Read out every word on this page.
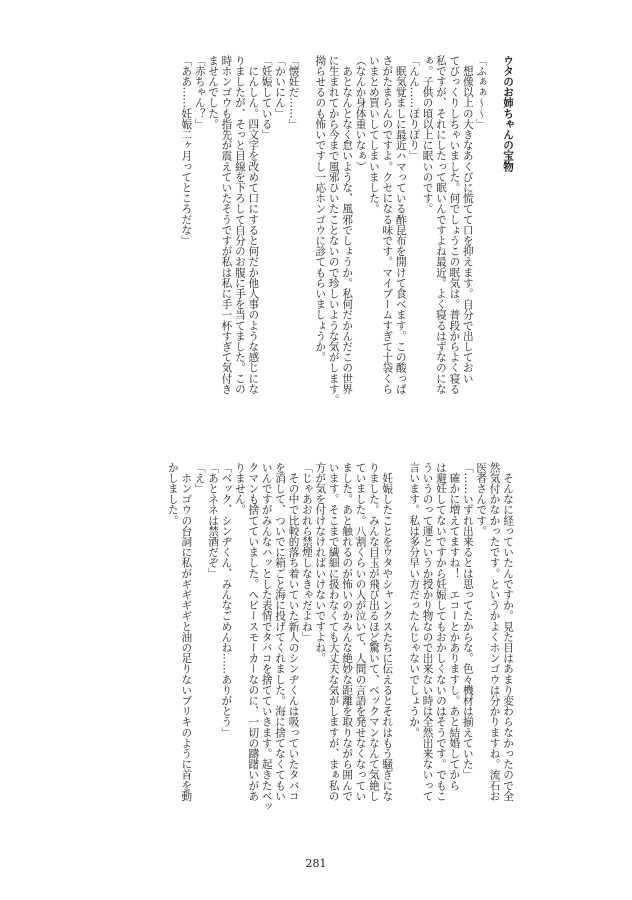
ウタのお姉ちゃんの宝物

「ふぁぁ～～」
　想像以上の大きなあくびに慌てて口を抑えます。自分で出しておい
てびっくりしちゃいました。何でしょうこの眠気は。普段からよく寝る
私ですが、それにしたって眠いんですよね最近。よく寝るはずなのにな
ぁ。子供の頃以上に眠いのです。
「んん……ぽりぽり」
　眠気覚ましに最近ハマっている酢昆布を開けて食べます。この酸っぱ
さがたまらんのですよ。クセになる味です。マイブームすぎて十袋くら
いまとめ買いしてしまいました。
（なんか身体重いなぁ）
　あとなんとなく怠いような、風邪でしょうか。私何だかんだこの世界
に生まれてから今まで風邪ひいたことないので珍しいような気がします。
拗らせるのも怖いですし一応ホンゴウに診てもらいましょうか。

「懐妊だ……」
「かいにん」
「妊娠している」
　にんしん。四文字を改めて口にすると何だか他人事のような感じにな
りましたが、そっと目線を下ろして自分のお腹に手を当てました。この
時ホンゴウも指先が震えていたそうですが私は私に手一杯すぎて気付き
ませんでした。
「赤ちゃん？」
「ああ……妊娠二ヶ月ってところだな」
　そんなに経っていたんですか。見た目はあまり変わらなかったので全
然気付かなかったです。というかよくホンゴウは分かりますね。流石お
医者さんです。
「……いずれ出来るとは思ってたからな。色々機材は揃えていた」
　確かに増えてますね！　エコーとかありますし。あと結婚してから
は避妊してないですから妊娠してもおかしくないのはそうです。でもこ
ういうのって運というか授かり物なので出来ない時は全然出来ないって
言います。私は多分早い方だったんじゃないでしょうか。

　妊娠したことをウタやシャンクスたちに伝えるとそれはもう騒ぎにな
りました。みんな目玉が飛び出るほど驚いて、ベックマンなんて気絶し
ていました。八割くらいの人が泣いて、人間の言語を発せなくなってい
ました。あと触れるのが怖いのかみんな絶妙な距離を取りながら囲んで
います。そこまで繊細に扱わなくても大丈夫な気がしますが、まぁ私の
方が気を付けなければいけないですよね。
「じゃあおれら禁煙しなきゃだよね」
　その中で比較的落ち着いていた新人のシンヂくんは吸っていたタバコ
を消して、ついでに箱ごと海に投げてくれました。海に捨てなくてもい
いんですがみんなハッとした表情でタバコを捨てていきます。起きたベッ
クマンも捨てていました。ヘビースモーカーなのに、一切の躊躇いがあ
りません。
「ベック、シンヂくん、みんなごめんね……ありがとう」
「あとネネは禁酒だぞ」
「え」
　ホンゴウの台詞に私がギギギギと油の足りないブリキのように首を動
かしました。
281
